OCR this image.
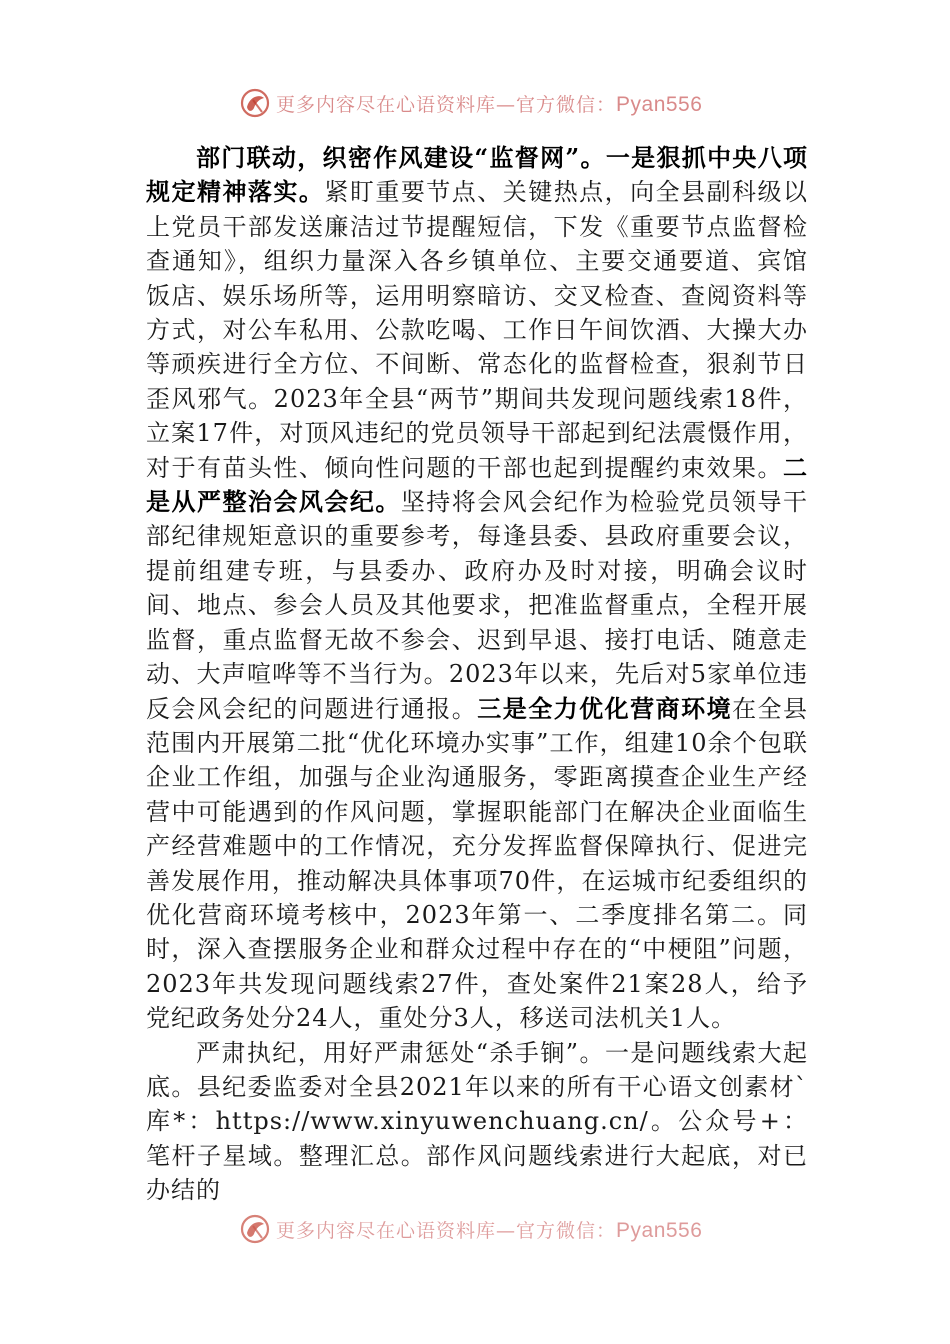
更多内容尽在心语资料库—官方微信：Pyan556

部门联动，织密作风建设“监督网”。一是狠抓中央八项规定精神落实。紧盯重要节点、关键热点，向全县副科级以上党员干部发送廉洁过节提醒短信，下发《重要节点监督检查通知》，组织力量深入各乡镇单位、主要交通要道、宾馆饭店、娱乐场所等，运用明察暗访、交叉检查、查阅资料等方式，对公车私用、公款吃喝、工作日午间饮酒、大操大办等顽疾进行全方位、不间断、常态化的监督检查，狠刹节日歪风邪气。2023年全县“两节”期间共发现问题线索18件，立案17件，对顶风违纪的党员领导干部起到纪法震慑作用，对于有苗头性、倾向性问题的干部也起到提醒约束效果。二是从严整治会风会纪。坚持将会风会纪作为检验党员领导干部纪律规矩意识的重要参考，每逢县委、县政府重要会议，提前组建专班，与县委办、政府办及时对接，明确会议时间、地点、参会人员及其他要求，把准监督重点，全程开展监督，重点监督无故不参会、迟到早退、接打电话、随意走动、大声喧哗等不当行为。2023年以来，先后对5家单位违反会风会纪的问题进行通报。三是全力优化营商环境在全县范围内开展第二批“优化环境办实事”工作，组建10余个包联企业工作组，加强与企业沟通服务，零距离摸查企业生产经营中可能遇到的作风问题，掌握职能部门在解决企业面临生产经营难题中的工作情况，充分发挥监督保障执行、促进完善发展作用，推动解决具体事项70件，在运城市纪委组织的优化营商环境考核中，2023年第一、二季度排名第二。同时，深入查摆服务企业和群众过程中存在的“中梗阻”问题，2023年共发现问题线索27件，查处案件21案28人，给予党纪政务处分24人，重处分3人，移送司法机关1人。

严肃执纪，用好严肃惩处“杀手锏”。一是问题线索大起底。县纪委监委对全县2021年以来的所有干心语文创素材`库*：https://www.xinyuwenchuang.cn/。公众号+：笔杆子星域。整理汇总。部作风问题线索进行大起底，对已办结的

更多内容尽在心语资料库—官方微信：Pyan556
